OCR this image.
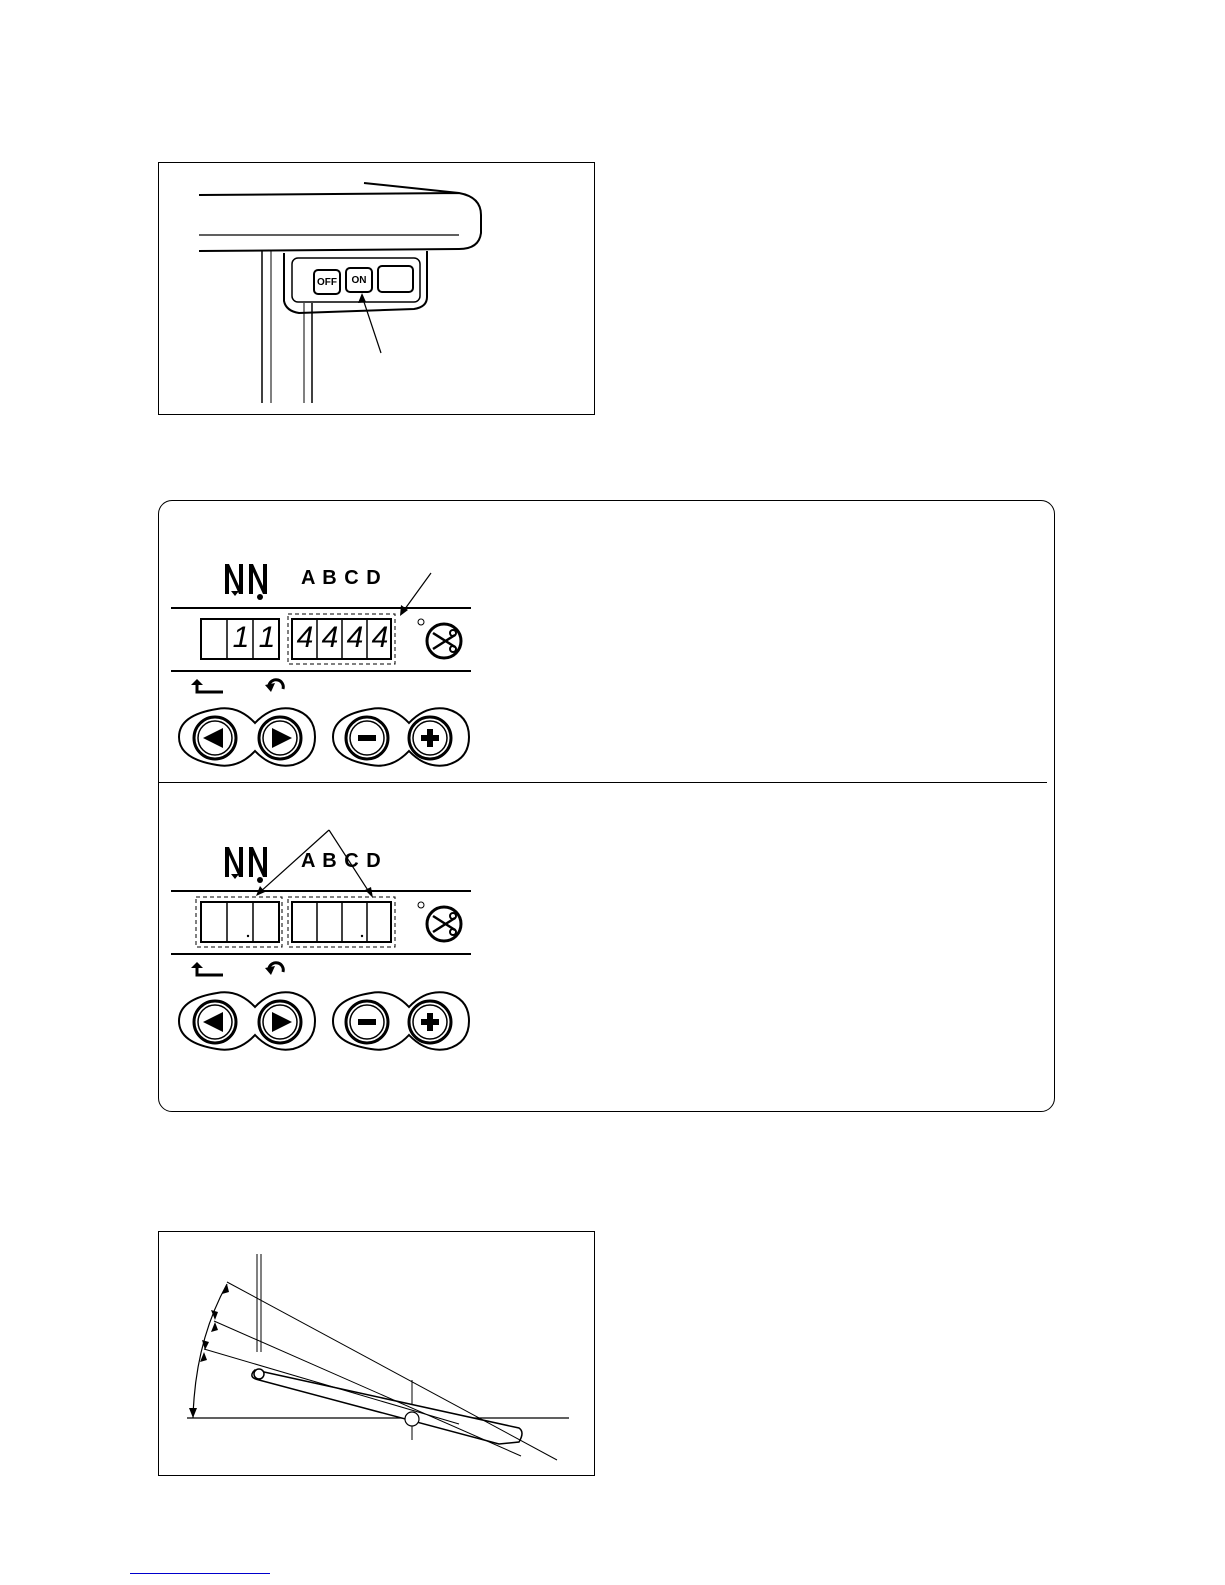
OFF	ON
A B C D
1 1 4 4 4 4
A B C D
